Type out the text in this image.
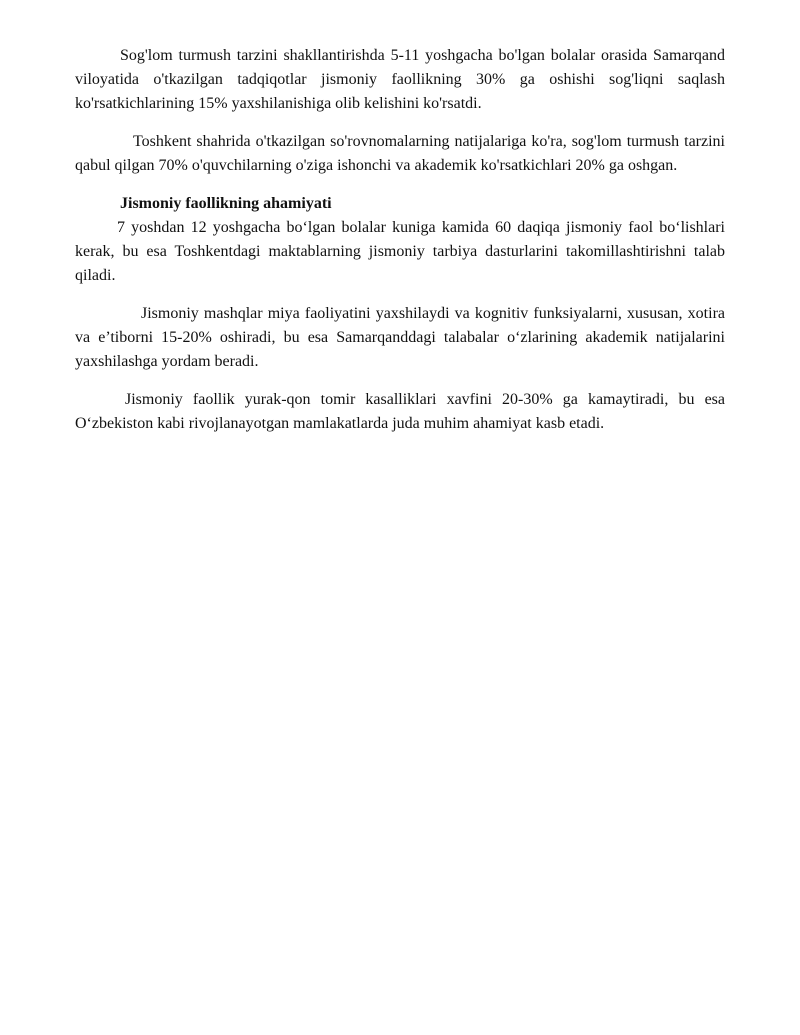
Sog'lom turmush tarzini shakllantirishda 5-11 yoshgacha bo'lgan bolalar orasida Samarqand viloyatida o'tkazilgan tadqiqotlar jismoniy faollikning 30% ga oshishi sog'liqni saqlash ko'rsatkichlarining 15% yaxshilanishiga olib kelishini ko'rsatdi.

Toshkent shahrida o'tkazilgan so'rovnomalarning natijalariga ko'ra, sog'lom turmush tarzini qabul qilgan 70% o'quvchilarning o'ziga ishonchi va akademik ko'rsatkichlari 20% ga oshgan.

Jismoniy faollikning ahamiyati

7 yoshdan 12 yoshgacha bo‘lgan bolalar kuniga kamida 60 daqiqa jismoniy faol bo‘lishlari kerak, bu esa Toshkentdagi maktablarning jismoniy tarbiya dasturlarini takomillashtirishni talab qiladi.

Jismoniy mashqlar miya faoliyatini yaxshilaydi va kognitiv funksiyalarni, xususan, xotira va e’tiborni 15-20% oshiradi, bu esa Samarqanddagi talabalar o‘zlarining akademik natijalarini yaxshilashga yordam beradi.

Jismoniy faollik yurak-qon tomir kasalliklari xavfini 20-30% ga kamaytiradi, bu esa O‘zbekiston kabi rivojlanayotgan mamlakatlarda juda muhim ahamiyat kasb etadi.
